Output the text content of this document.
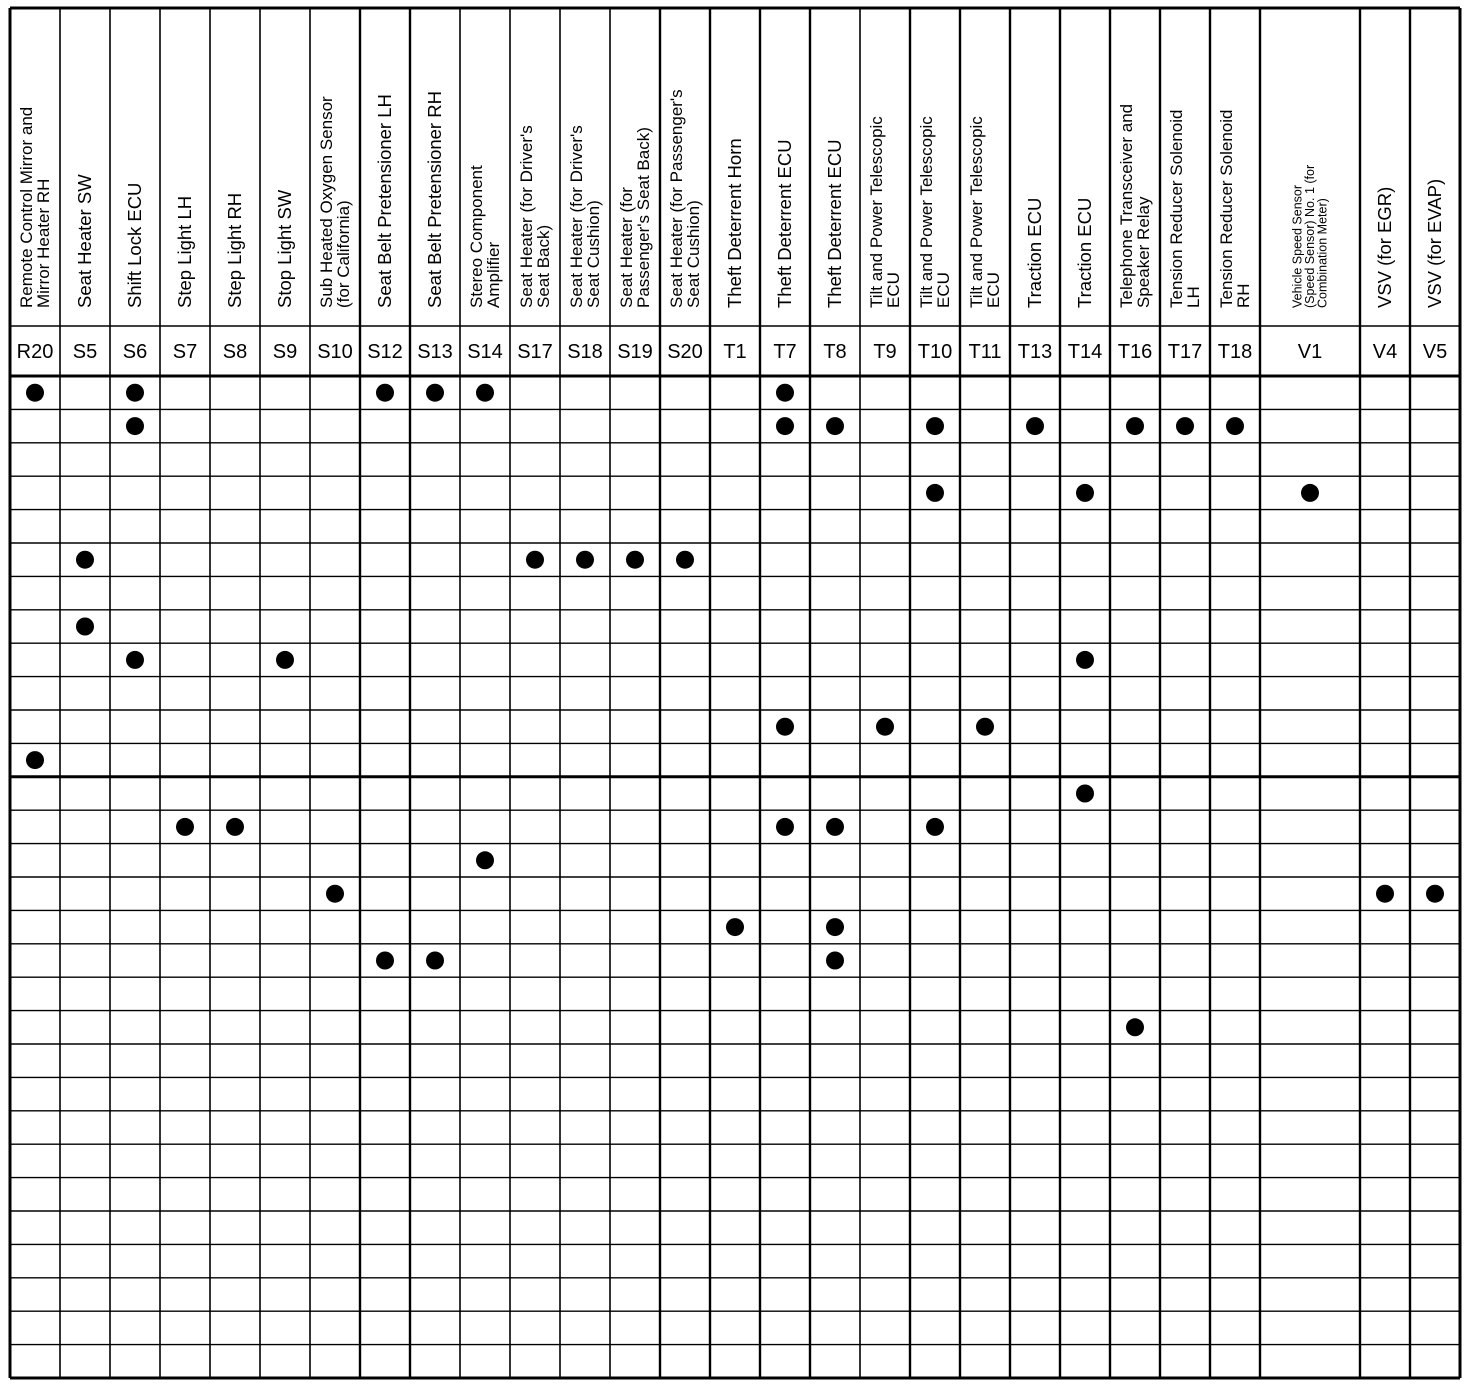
Remote Control Mirror and
Mirror Heater RH Seat Heater SW Shift Lock ECU Step Light LH Step Light RH Stop Light SW Sub Heated Oxygen Sensor
(for California) Seat Belt Pretensioner LH Seat Belt Pretensioner RH Stereo Component
Amplifier Seat Heater (for Driver's
Seat Back) Seat Heater (for Driver's
Seat Cushion) Seat Heater (for
Passenger's Seat Back) Seat Heater (for Passenger's
Seat Cushion) Theft Deterrent Horn Theft Deterrent ECU Theft Deterrent ECU Tilt and Power Telescopic
ECU Tilt and Power Telescopic
ECU Tilt and Power Telescopic
ECU Traction ECU Traction ECU Telephone Transceiver and
Speaker Relay Tension Reducer Solenoid
LH Tension Reducer Solenoid
RH	Vehicle Speed Sensor
(Speed Sensor) No. 1 (for
Combination Meter) VSV (for EGR) VSV (for EVAP)
R20 S5 S6 S7 S8 S9 S10 S12 S13 S14 S17 S18 S19 S20 T1 T7 T8 T9 T10 T11 T13 T14 T16 T17 T18 V1	V4 V5
